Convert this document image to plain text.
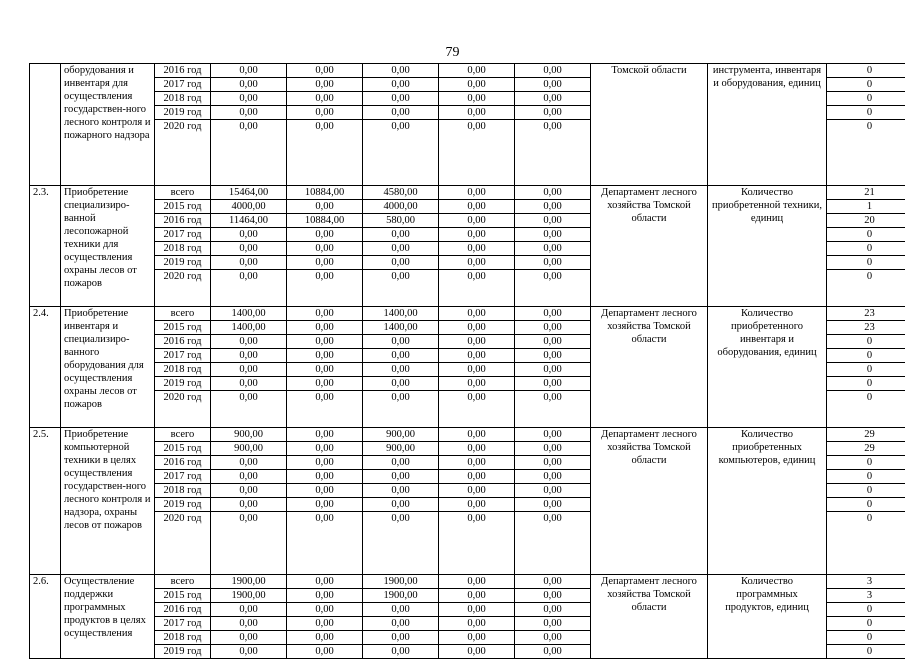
79
	оборудования и инвентаря для осуществления государствен-ного лесного контроля и пожарного надзора	2016 год	0,00	0,00	0,00	0,00	0,00	Томской области	инструмента, инвентаря и оборудования, единиц	0
		2017 год	0,00	0,00	0,00	0,00	0,00			0
		2018 год	0,00	0,00	0,00	0,00	0,00			0
		2019 год	0,00	0,00	0,00	0,00	0,00			0
		2020 год	0,00	0,00	0,00	0,00	0,00			0
2.3.	Приобретение специализиро-ванной лесопожарной техники для осуществления охраны лесов от пожаров	всего	15464,00	10884,00	4580,00	0,00	0,00	Департамент лесного хозяйства Томской области	Количество приобретенной техники, единиц	21
		2015 год	4000,00	0,00	4000,00	0,00	0,00			1
		2016 год	11464,00	10884,00	580,00	0,00	0,00			20
		2017 год	0,00	0,00	0,00	0,00	0,00			0
		2018 год	0,00	0,00	0,00	0,00	0,00			0
		2019 год	0,00	0,00	0,00	0,00	0,00			0
		2020 год	0,00	0,00	0,00	0,00	0,00			0
2.4.	Приобретение инвентаря и специализиро-ванного оборудования для осуществления охраны лесов от пожаров	всего	1400,00	0,00	1400,00	0,00	0,00	Департамент лесного хозяйства Томской области	Количество приобретенного инвентаря и оборудования, единиц	23
		2015 год	1400,00	0,00	1400,00	0,00	0,00			23
		2016 год	0,00	0,00	0,00	0,00	0,00			0
		2017 год	0,00	0,00	0,00	0,00	0,00			0
		2018 год	0,00	0,00	0,00	0,00	0,00			0
		2019 год	0,00	0,00	0,00	0,00	0,00			0
		2020 год	0,00	0,00	0,00	0,00	0,00			0
2.5.	Приобретение компьютерной техники в целях осуществления государствен-ного лесного контроля и надзора, охраны лесов от пожаров	всего	900,00	0,00	900,00	0,00	0,00	Департамент лесного хозяйства Томской области	Количество приобретенных компьютеров, единиц	29
		2015 год	900,00	0,00	900,00	0,00	0,00			29
		2016 год	0,00	0,00	0,00	0,00	0,00			0
		2017 год	0,00	0,00	0,00	0,00	0,00			0
		2018 год	0,00	0,00	0,00	0,00	0,00			0
		2019 год	0,00	0,00	0,00	0,00	0,00			0
		2020 год	0,00	0,00	0,00	0,00	0,00			0
2.6.	Осуществление поддержки программных продуктов в целях осуществления	всего	1900,00	0,00	1900,00	0,00	0,00	Департамент лесного хозяйства Томской области	Количество программных продуктов, единиц	3
		2015 год	1900,00	0,00	1900,00	0,00	0,00			3
		2016 год	0,00	0,00	0,00	0,00	0,00			0
		2017 год	0,00	0,00	0,00	0,00	0,00			0
		2018 год	0,00	0,00	0,00	0,00	0,00			0
		2019 год	0,00	0,00	0,00	0,00	0,00			0
